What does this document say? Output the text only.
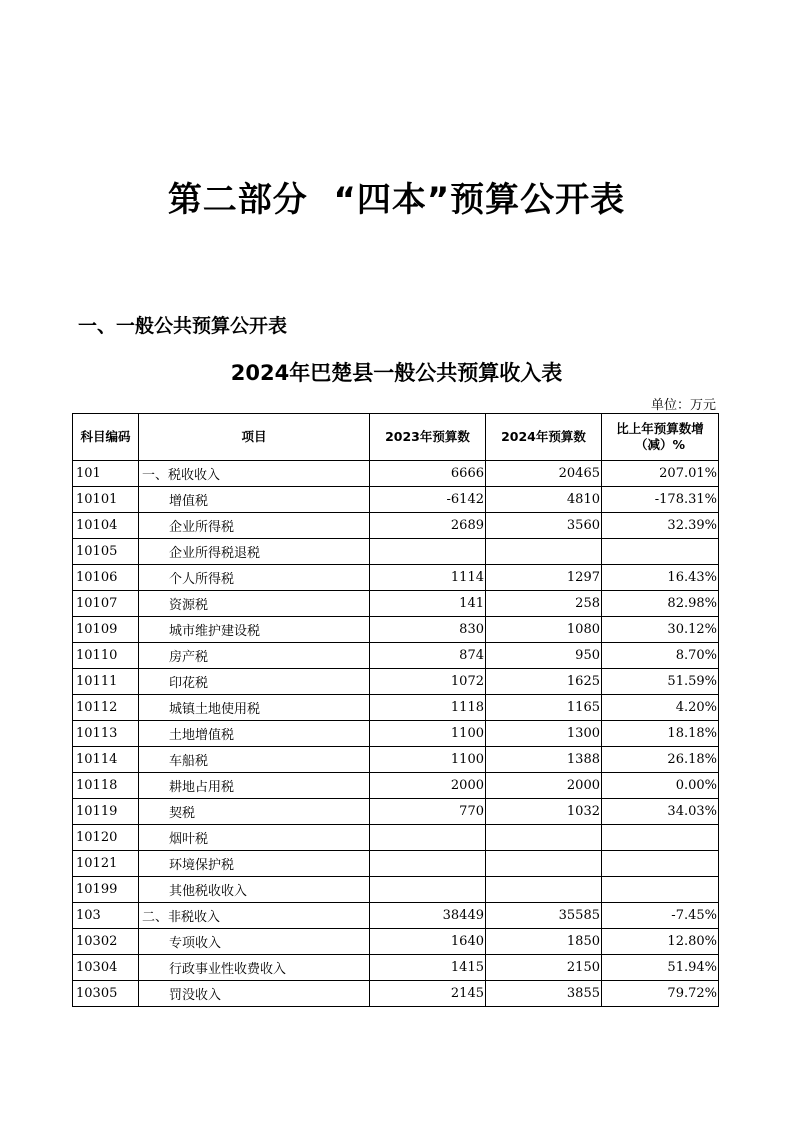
第二部分  “四本”预算公开表
一、一般公共预算公开表
2024年巴楚县一般公共预算收入表
单位：万元
科目编码	项目	2023年预算数	2024年预算数	比上年预算数增（减）%
101	一、税收收入	6666	20465	207.01%
10101	增值税	-6142	4810	-178.31%
10104	企业所得税	2689	3560	32.39%
10105	企业所得税退税			
10106	个人所得税	1114	1297	16.43%
10107	资源税	141	258	82.98%
10109	城市维护建设税	830	1080	30.12%
10110	房产税	874	950	8.70%
10111	印花税	1072	1625	51.59%
10112	城镇土地使用税	1118	1165	4.20%
10113	土地增值税	1100	1300	18.18%
10114	车船税	1100	1388	26.18%
10118	耕地占用税	2000	2000	0.00%
10119	契税	770	1032	34.03%
10120	烟叶税			
10121	环境保护税			
10199	其他税收收入			
103	二、非税收入	38449	35585	-7.45%
10302	专项收入	1640	1850	12.80%
10304	行政事业性收费收入	1415	2150	51.94%
10305	罚没收入	2145	3855	79.72%
